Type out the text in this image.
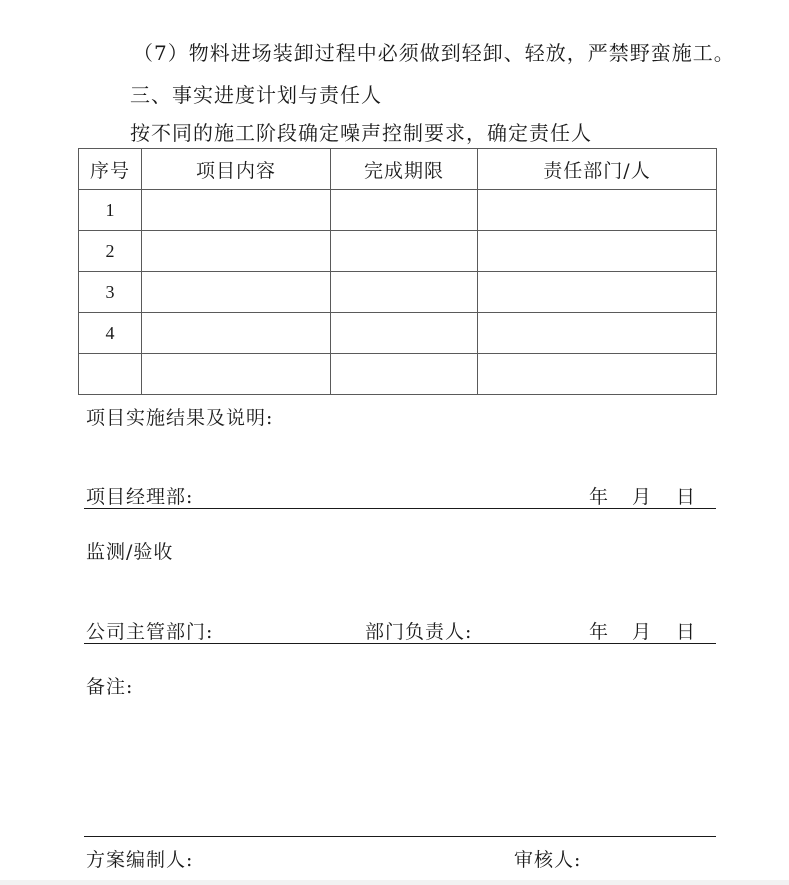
（7）物料进场装卸过程中必须做到轻卸、轻放，严禁野蛮施工。
三、事实进度计划与责任人
按不同的施工阶段确定噪声控制要求，确定责任人
序号	项目内容	完成期限	责任部门/人
1			
2			
3			
4			

项目实施结果及说明:
项目经理部:	年 月 日
监测/验收
公司主管部门:	部门负责人:	年 月 日
备注:
方案编制人:	审核人:
